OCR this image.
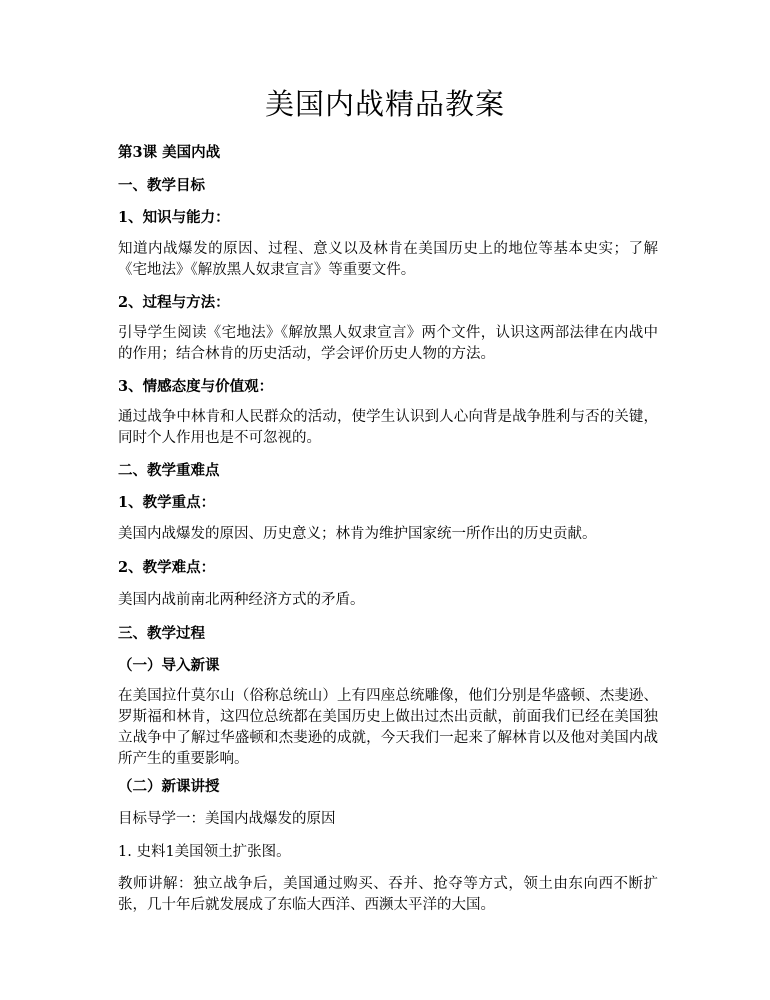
美国内战精品教案

第3课 美国内战

一、教学目标

1、知识与能力：

知道内战爆发的原因、过程、意义以及林肯在美国历史上的地位等基本史实；了解《宅地法》《解放黑人奴隶宣言》等重要文件。

2、过程与方法：

引导学生阅读《宅地法》《解放黑人奴隶宣言》两个文件，认识这两部法律在内战中的作用；结合林肯的历史活动，学会评价历史人物的方法。

3、情感态度与价值观：

通过战争中林肯和人民群众的活动，使学生认识到人心向背是战争胜利与否的关键，同时个人作用也是不可忽视的。

二、教学重难点

1、教学重点：

美国内战爆发的原因、历史意义；林肯为维护国家统一所作出的历史贡献。

2、教学难点：

美国内战前南北两种经济方式的矛盾。

三、教学过程

（一）导入新课

在美国拉什莫尔山（俗称总统山）上有四座总统雕像，他们分别是华盛顿、杰斐逊、罗斯福和林肯，这四位总统都在美国历史上做出过杰出贡献，前面我们已经在美国独立战争中了解过华盛顿和杰斐逊的成就，今天我们一起来了解林肯以及他对美国内战所产生的重要影响。

（二）新课讲授

目标导学一：美国内战爆发的原因

1. 史料1美国领土扩张图。

教师讲解：独立战争后，美国通过购买、吞并、抢夺等方式，领土由东向西不断扩张，几十年后就发展成了东临大西洋、西濒太平洋的大国。
